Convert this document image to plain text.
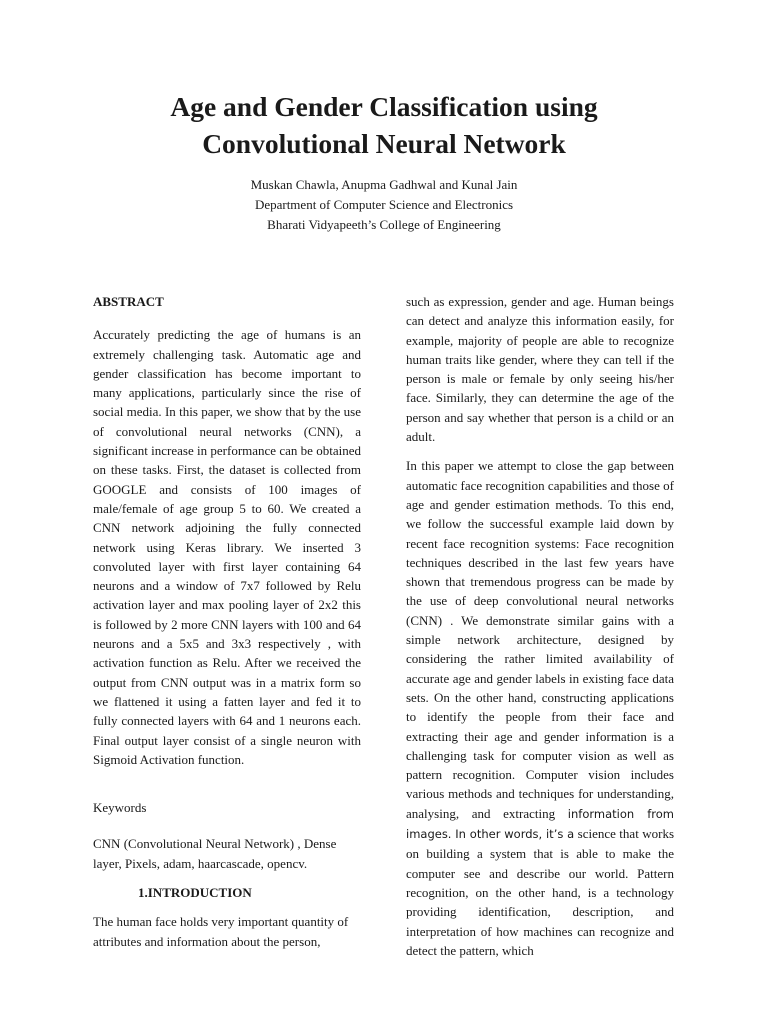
Age and Gender Classification using
Convolutional Neural Network
Muskan Chawla, Anupma Gadhwal and Kunal Jain
Department of Computer Science and Electronics
Bharati Vidyapeeth’s College of Engineering
ABSTRACT

Accurately predicting the age of humans is an extremely challenging task. Automatic age and gender classification has become important to many applications, particularly since the rise of social media. In this paper, we show that by the use of convolutional neural networks (CNN), a significant increase in performance can be obtained on these tasks. First, the dataset is collected from GOOGLE and consists of 100 images of male/female of age group 5 to 60. We created a CNN network adjoining the fully connected network using Keras library. We inserted 3 convoluted layer with first layer containing 64 neurons and a window of 7x7 followed by Relu activation layer and max pooling layer of 2x2 this is followed by 2 more CNN layers with 100 and 64 neurons and a 5x5 and 3x3 respectively , with activation function as Relu. After we received the output from CNN output was in a matrix form so we flattened it using a fatten layer and fed it to fully connected layers with 64 and 1 neurons each. Final output layer consist of a single neuron with Sigmoid Activation function.

Keywords

CNN (Convolutional Neural Network) , Dense layer, Pixels, adam, haarcascade, opencv.

1.INTRODUCTION

The human face holds very important quantity of attributes and information about the person,

such as expression, gender and age. Human beings can detect and analyze this information easily, for example, majority of people are able to recognize human traits like gender, where they can tell if the person is male or female by only seeing his/her face. Similarly, they can determine the age of the person and say whether that person is a child or an adult.

In this paper we attempt to close the gap between automatic face recognition capabilities and those of age and gender estimation methods. To this end, we follow the successful example laid down by recent face recognition systems: Face recognition techniques described in the last few years have shown that tremendous progress can be made by the use of deep convolutional neural networks (CNN) . We demonstrate similar gains with a simple network architecture, designed by considering the rather limited availability of accurate age and gender labels in existing face data sets. On the other hand, constructing applications to identify the people from their face and extracting their age and gender information is a challenging task for computer vision as well as pattern recognition. Computer vision includes various methods and techniques for understanding, analysing, and extracting information from images. In other words, it’s a science that works on building a system that is able to make the computer see and describe our world. Pattern recognition, on the other hand, is a technology providing identification, description, and interpretation of how machines can recognize and detect the pattern, which
